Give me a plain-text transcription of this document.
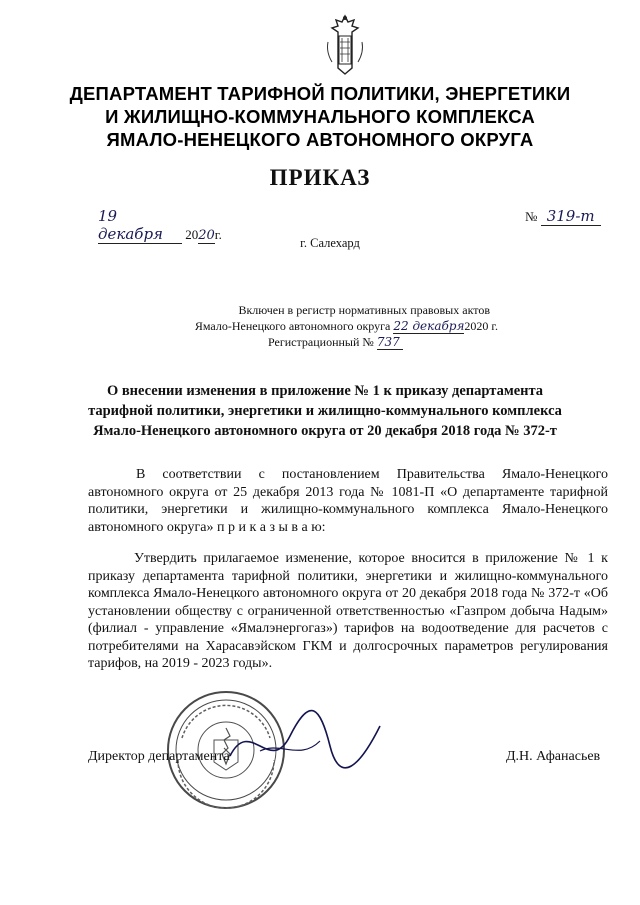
ДЕПАРТАМЕНТ ТАРИФНОЙ ПОЛИТИКИ, ЭНЕРГЕТИКИ
И ЖИЛИЩНО-КОММУНАЛЬНОГО КОМПЛЕКСА
ЯМАЛО-НЕНЕЦКОГО АВТОНОМНОГО ОКРУГА
ПРИКАЗ
19 декабря 2020г.
№ 319-т
г. Салехард
Включен в регистр нормативных правовых актов
Ямало-Ненецкого автономного округа 22 декабря2020 г.
Регистрационный № 737
О внесении изменения в приложение № 1 к приказу департамента
тарифной политики, энергетики и жилищно-коммунального комплекса
Ямало-Ненецкого автономного округа от 20 декабря 2018 года № 372-т
В соответствии с постановлением Правительства Ямало-Ненецкого автономного округа от 25 декабря 2013 года № 1081-П «О департаменте тарифной политики, энергетики и жилищно-коммунального комплекса Ямало-Ненецкого автономного округа» п р и к а з ы в а ю:
Утвердить прилагаемое изменение, которое вносится в приложение № 1 к приказу департамента тарифной политики, энергетики и жилищно-коммунального комплекса Ямало-Ненецкого автономного округа от 20 декабря 2018 года № 372-т «Об установлении обществу с ограниченной ответственностью «Газпром добыча Надым» (филиал - управление «Ямалэнергогаз») тарифов на водоотведение для расчетов с потребителями на Харасавэйском ГКМ и долгосрочных параметров регулирования тарифов, на 2019 - 2023 годы».
Директор департамента	Д.Н. Афанасьев
